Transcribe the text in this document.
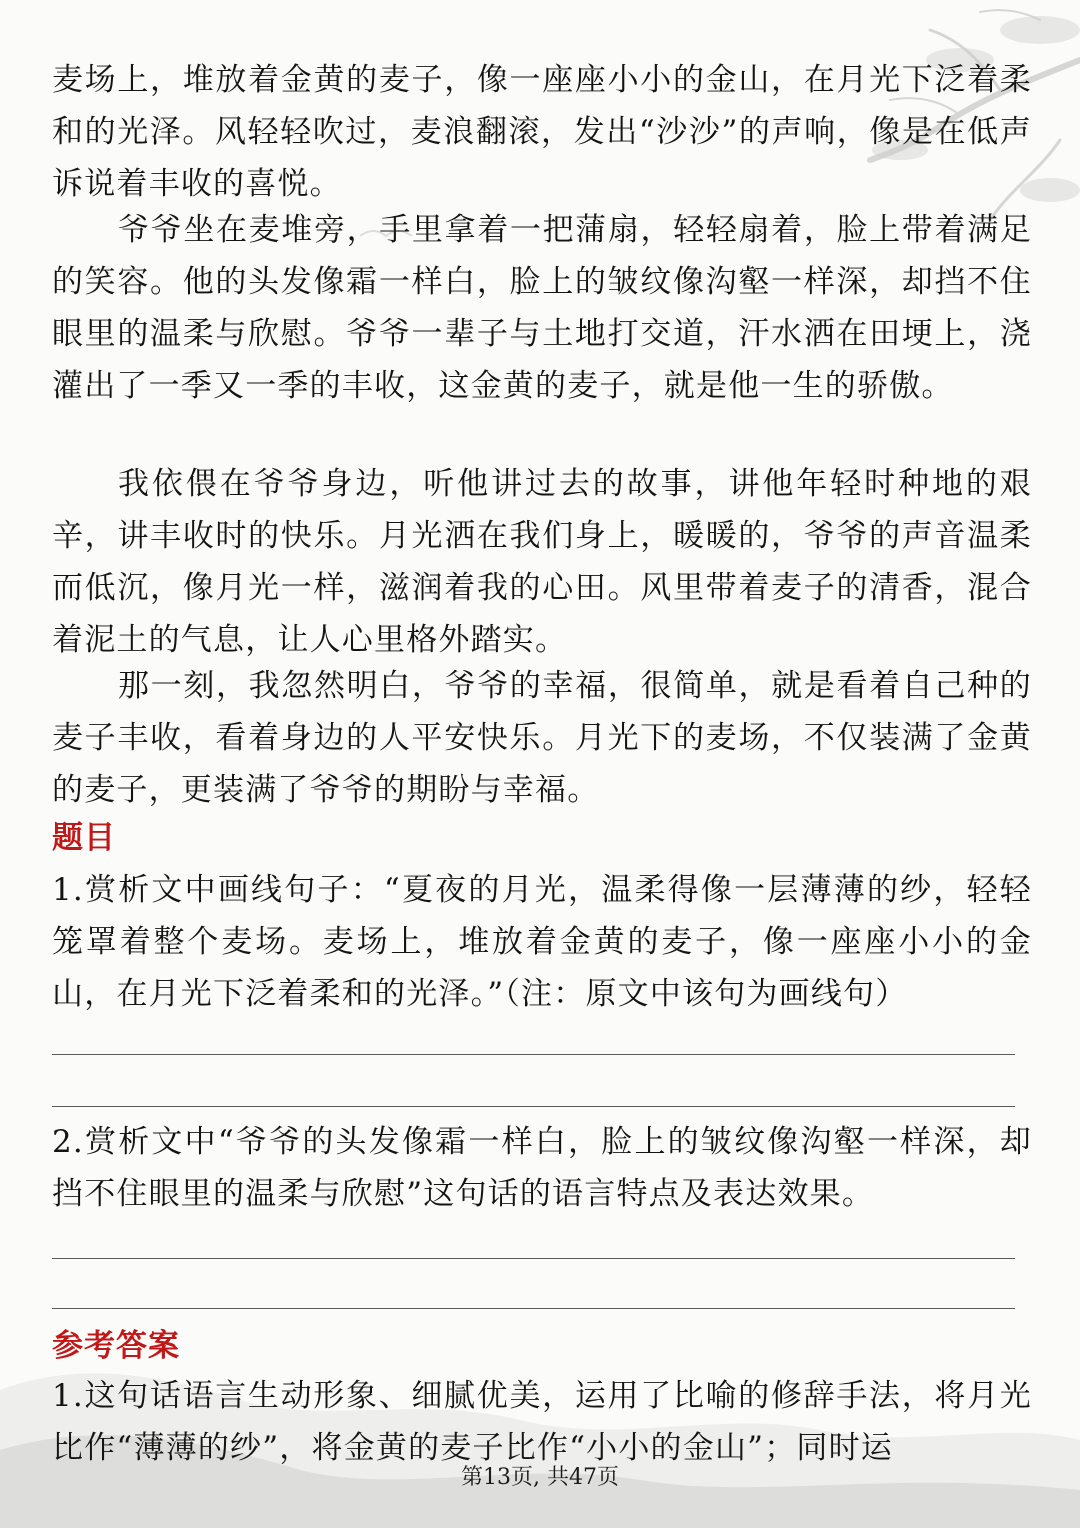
麦场上，堆放着金黄的麦子，像一座座小小的金山，在月光下泛着柔和的光泽。风轻轻吹过，麦浪翻滚，发出“沙沙”的声响，像是在低声诉说着丰收的喜悦。

爷爷坐在麦堆旁，手里拿着一把蒲扇，轻轻扇着，脸上带着满足的笑容。他的头发像霜一样白，脸上的皱纹像沟壑一样深，却挡不住眼里的温柔与欣慰。爷爷一辈子与土地打交道，汗水洒在田埂上，浇灌出了一季又一季的丰收，这金黄的麦子，就是他一生的骄傲。

我依偎在爷爷身边，听他讲过去的故事，讲他年轻时种地的艰辛，讲丰收时的快乐。月光洒在我们身上，暖暖的，爷爷的声音温柔而低沉，像月光一样，滋润着我的心田。风里带着麦子的清香，混合着泥土的气息，让人心里格外踏实。

那一刻，我忽然明白，爷爷的幸福，很简单，就是看着自己种的麦子丰收，看着身边的人平安快乐。月光下的麦场，不仅装满了金黄的麦子，更装满了爷爷的期盼与幸福。

题目

1.赏析文中画线句子：“夏夜的月光，温柔得像一层薄薄的纱，轻轻笼罩着整个麦场。麦场上，堆放着金黄的麦子，像一座座小小的金山，在月光下泛着柔和的光泽。”（注：原文中该句为画线句）

2.赏析文中“爷爷的头发像霜一样白，脸上的皱纹像沟壑一样深，却挡不住眼里的温柔与欣慰”这句话的语言特点及表达效果。

参考答案

1.这句话语言生动形象、细腻优美，运用了比喻的修辞手法，将月光比作“薄薄的纱”，将金黄的麦子比作“小小的金山”；同时运

第13页, 共47页
